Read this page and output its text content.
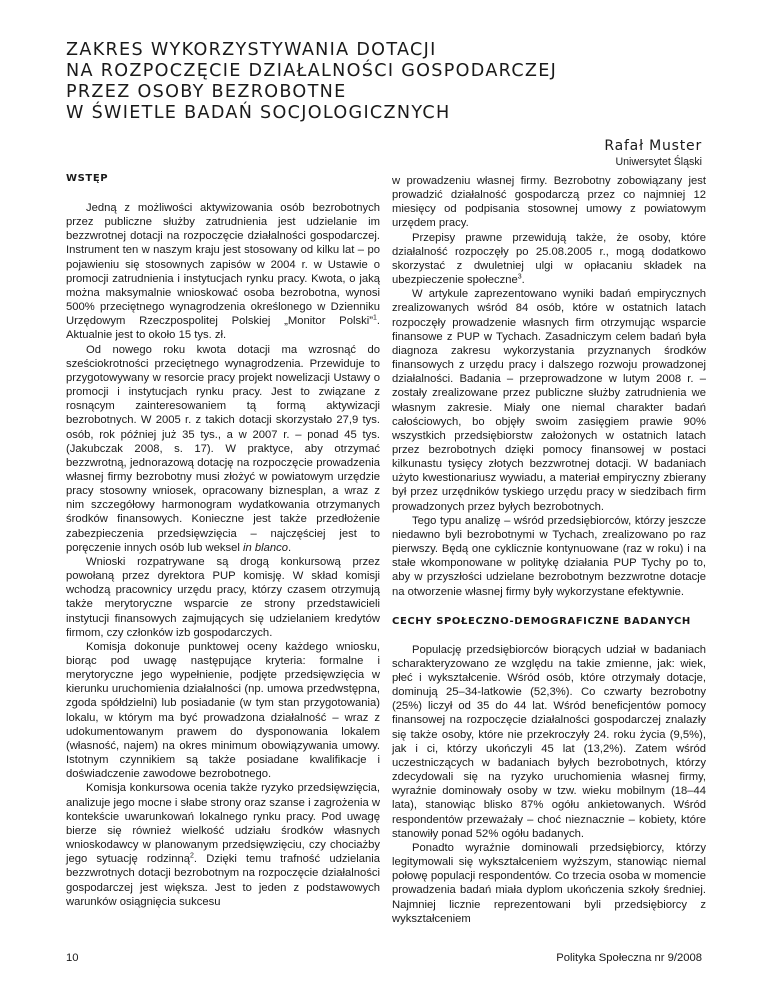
ZAKRES WYKORZYSTYWANIA DOTACJI
NA ROZPOCZĘCIE DZIAŁALNOŚCI GOSPODARCZEJ
PRZEZ OSOBY BEZROBOTNE
W ŚWIETLE BADAŃ SOCJOLOGICZNYCH
Rafał Muster
Uniwersytet Śląski
WSTĘP

Jedną z możliwości aktywizowania osób bezrobotnych przez publiczne służby zatrudnienia jest udzielanie im bezzwrotnej dotacji na rozpoczęcie działalności gospodarczej. Instrument ten w naszym kraju jest stosowany od kilku lat – po pojawieniu się stosownych zapisów w 2004 r. w Ustawie o promocji zatrudnienia i instytucjach rynku pracy. Kwota, o jaką można maksymalnie wnioskować osoba bezrobotna, wynosi 500% przeciętnego wynagrodzenia określonego w Dzienniku Urzędowym Rzeczpospolitej Polskiej „Monitor Polski”$^1$. Aktualnie jest to około 15 tys. zł.

Od nowego roku kwota dotacji ma wzrosnąć do sześciokrotności przeciętnego wynagrodzenia. Przewiduje to przygotowywany w resorcie pracy projekt nowelizacji Ustawy o promocji i instytucjach rynku pracy. Jest to związane z rosnącym zainteresowaniem tą formą aktywizacji bezrobotnych. W 2005 r. z takich dotacji skorzystało 27,9 tys. osób, rok później już 35 tys., a w 2007 r. – ponad 45 tys. (Jakubczak 2008, s. 17). W praktyce, aby otrzymać bezzwrotną, jednorazową dotację na rozpoczęcie prowadzenia własnej firmy bezrobotny musi złożyć w powiatowym urzędzie pracy stosowny wniosek, opracowany biznesplan, a wraz z nim szczegółowy harmonogram wydatkowania otrzymanych środków finansowych. Konieczne jest także przedłożenie zabezpieczenia przedsięwzięcia – najczęściej jest to poręczenie innych osób lub weksel in blanco.

Wnioski rozpatrywane są drogą konkursową przez powołaną przez dyrektora PUP komisję. W skład komisji wchodzą pracownicy urzędu pracy, którzy czasem otrzymują także merytoryczne wsparcie ze strony przedstawicieli instytucji finansowych zajmujących się udzielaniem kredytów firmom, czy członków izb gospodarczych.

Komisja dokonuje punktowej oceny każdego wniosku, biorąc pod uwagę następujące kryteria: formalne i merytoryczne jego wypełnienie, podjęte przedsięwzięcia w kierunku uruchomienia działalności (np. umowa przedwstępna, zgoda spółdzielni) lub posiadanie (w tym stan przygotowania) lokalu, w którym ma być prowadzona działalność – wraz z udokumentowanym prawem do dysponowania lokalem (własność, najem) na okres minimum obowiązywania umowy. Istotnym czynnikiem są także posiadane kwalifikacje i doświadczenie zawodowe bezrobotnego.

Komisja konkursowa ocenia także ryzyko przedsięwzięcia, analizuje jego mocne i słabe strony oraz szanse i zagrożenia w kontekście uwarunkowań lokalnego rynku pracy. Pod uwagę bierze się również wielkość udziału środków własnych wnioskodawcy w planowanym przedsięwzięciu, czy chociażby jego sytuację rodzinną$^2$. Dzięki temu trafność udzielania bezzwrotnych dotacji bezrobotnym na rozpoczęcie działalności gospodarczej jest większa. Jest to jeden z podstawowych warunków osiągnięcia sukcesu

w prowadzeniu własnej firmy. Bezrobotny zobowiązany jest prowadzić działalność gospodarczą przez co najmniej 12 miesięcy od podpisania stosownej umowy z powiatowym urzędem pracy.

Przepisy prawne przewidują także, że osoby, które działalność rozpoczęły po 25.08.2005 r., mogą dodatkowo skorzystać z dwuletniej ulgi w opłacaniu składek na ubezpieczenie społeczne$^3$.

W artykule zaprezentowano wyniki badań empirycznych zrealizowanych wśród 84 osób, które w ostatnich latach rozpoczęły prowadzenie własnych firm otrzymując wsparcie finansowe z PUP w Tychach. Zasadniczym celem badań była diagnoza zakresu wykorzystania przyznanych środków finansowych z urzędu pracy i dalszego rozwoju prowadzonej działalności. Badania – przeprowadzone w lutym 2008 r. – zostały zrealizowane przez publiczne służby zatrudnienia we własnym zakresie. Miały one niemal charakter badań całościowych, bo objęły swoim zasięgiem prawie 90% wszystkich przedsiębiorstw założonych w ostatnich latach przez bezrobotnych dzięki pomocy finansowej w postaci kilkunastu tysięcy złotych bezzwrotnej dotacji. W badaniach użyto kwestionariusz wywiadu, a materiał empiryczny zbierany był przez urzędników tyskiego urzędu pracy w siedzibach firm prowadzonych przez byłych bezrobotnych.

Tego typu analizę – wśród przedsiębiorców, którzy jeszcze niedawno byli bezrobotnymi w Tychach, zrealizowano po raz pierwszy. Będą one cyklicznie kontynuowane (raz w roku) i na stałe wkomponowane w politykę działania PUP Tychy po to, aby w przyszłości udzielane bezrobotnym bezzwrotne dotacje na otworzenie własnej firmy były wykorzystane efektywnie.

CECHY SPOŁECZNO-DEMOGRAFICZNE BADANYCH

Populację przedsiębiorców biorących udział w badaniach scharakteryzowano ze względu na takie zmienne, jak: wiek, płeć i wykształcenie. Wśród osób, które otrzymały dotacje, dominują 25–34-latkowie (52,3%). Co czwarty bezrobotny (25%) liczył od 35 do 44 lat. Wśród beneficjentów pomocy finansowej na rozpoczęcie działalności gospodarczej znalazły się także osoby, które nie przekroczyły 24. roku życia (9,5%), jak i ci, którzy ukończyli 45 lat (13,2%). Zatem wśród uczestniczących w badaniach byłych bezrobotnych, którzy zdecydowali się na ryzyko uruchomienia własnej firmy, wyraźnie dominowały osoby w tzw. wieku mobilnym (18–44 lata), stanowiąc blisko 87% ogółu ankietowanych. Wśród respondentów przeważały – choć nieznacznie – kobiety, które stanowiły ponad 52% ogółu badanych.

Ponadto wyraźnie dominowali przedsiębiorcy, którzy legitymowali się wykształceniem wyższym, stanowiąc niemal połowę populacji respondentów. Co trzecia osoba w momencie prowadzenia badań miała dyplom ukończenia szkoły średniej. Najmniej licznie reprezentowani byli przedsiębiorcy z wykształceniem

10	Polityka Społeczna nr 9/2008
